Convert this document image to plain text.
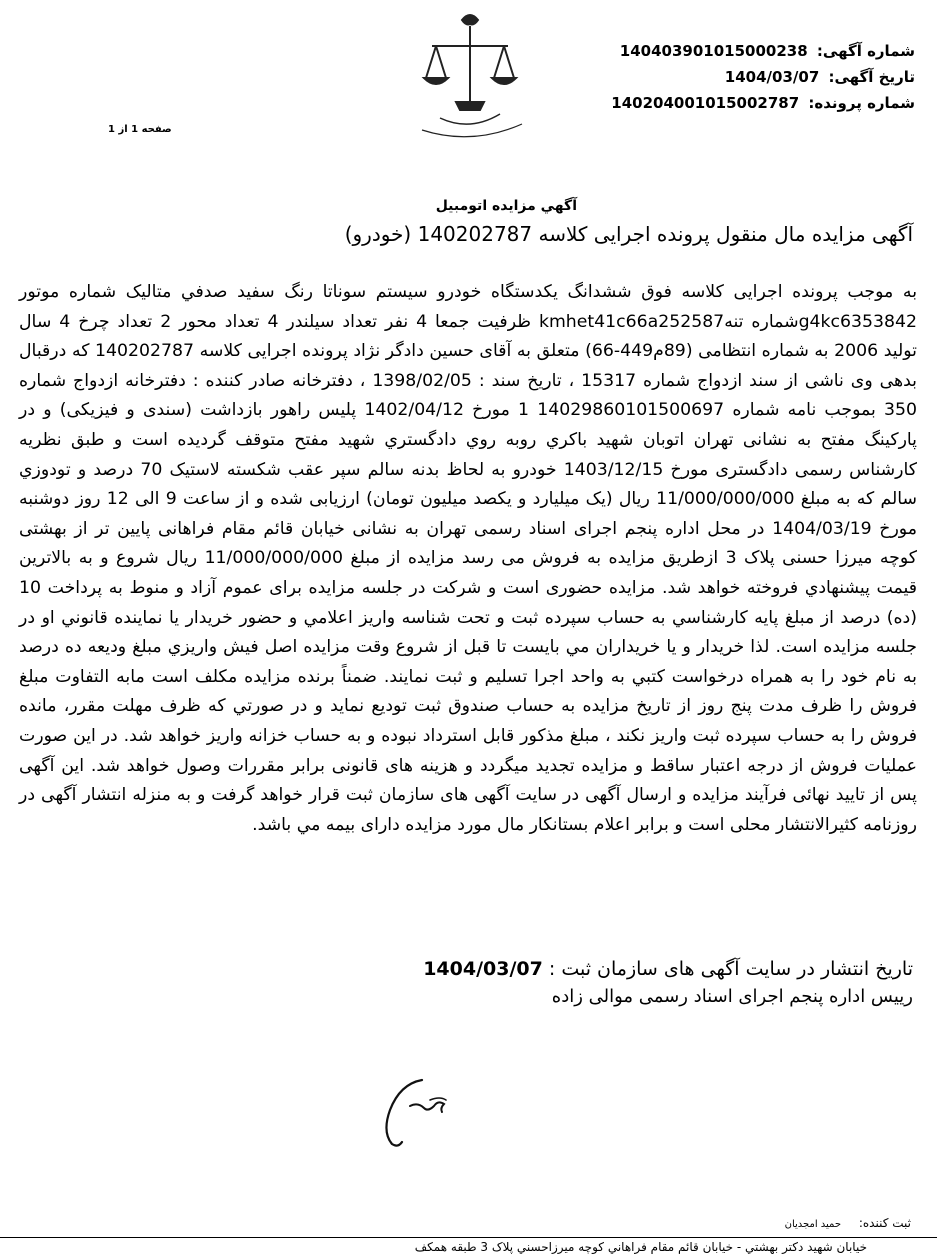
شماره آگهی: 140403901015000238
تاریخ آگهی: 1404/03/07
شماره پرونده: 140204001015002787
صفحه 1 از 1
آگهي مزايده اتومبيل
آگهی مزایده مال منقول پرونده اجرایی کلاسه 140202787 (خودرو)

به موجب پرونده اجرايی کلاسه فوق ششدانگ يکدستگاه خودرو سيستم سوناتا رنگ سفيد صدفي متاليک شماره موتور g4kc6353842شماره تنهkmhet41c66a252587 ظرفيت جمعا 4 نفر تعداد سيلندر 4 تعداد محور 2 تعداد چرخ 4 سال توليد 2006 به شماره انتظامی (89م449-66) متعلق به آقای حسين دادگر نژاد پرونده اجرايی کلاسه 140202787 که درقبال بدهی وی ناشی از سند ازدواج شماره 15317 ، تاريخ سند : 1398/02/05 ، دفترخانه صادر کننده : دفترخانه ازدواج شماره 350 بموجب نامه شماره 14029860101500697 1 مورخ 1402/04/12 پليس راهور بازداشت (سندی و فيزيکی) و در پارکينگ مفتح به نشانی تهران اتوبان شهيد باکري روبه روي دادگستري شهيد مفتح متوقف گرديده است و طبق نظريه کارشناس رسمی دادگستری مورخ 1403/12/15 خودرو به لحاظ بدنه سالم سپر عقب شکسته لاستيک 70 درصد و تودوزي سالم که به مبلغ 11/000/000/000 ريال (يک ميليارد و يکصد ميليون تومان) ارزيابی شده و از ساعت 9 الی 12 روز دوشنبه مورخ 1404/03/19 در محل اداره پنجم اجرای اسناد رسمی تهران به نشانی خيابان قائم مقام فراهانی پايين تر از بهشتی کوچه ميرزا حسنی پلاک 3 ازطريق مزايده به فروش می رسد مزايده از مبلغ 11/000/000/000 ريال شروع و به بالاترين قيمت پيشنهادي فروخته خواهد شد. مزايده حضوری است و شرکت در جلسه مزايده برای عموم آزاد و منوط به پرداخت 10 (ده) درصد از مبلغ پايه کارشناسي به حساب سپرده ثبت و تحت شناسه واريز اعلامي و حضور خريدار يا نماينده قانوني او در جلسه مزايده است. لذا خريدار و يا خريداران مي بايست تا قبل از شروع وقت مزايده اصل فيش واريزي مبلغ وديعه ده درصد به نام خود را به همراه درخواست کتبي به واحد اجرا تسليم و ثبت نمايند. ضمناً برنده مزايده مکلف است مابه التفاوت مبلغ فروش را ظرف مدت پنج روز از تاريخ مزايده به حساب صندوق ثبت توديع نمايد و در صورتي که ظرف مهلت مقرر، مانده فروش را به حساب سپرده ثبت واريز نکند ، مبلغ مذکور قابل استرداد نبوده و به حساب خزانه واريز خواهد شد. در اين صورت عمليات فروش از درجه اعتبار ساقط و مزايده تجديد ميگردد و هزينه های قانونی برابر مقررات وصول خواهد شد. اين آگهی پس از تاييد نهائی فرآيند مزايده و ارسال آگهی در سايت آگهی های سازمان ثبت قرار خواهد گرفت و به منزله انتشار آگهی در روزنامه کثيرالانتشار محلی است و برابر اعلام بستانکار مال مورد مزايده دارای بيمه مي باشد.

تاريخ انتشار در سايت آگهی های سازمان ثبت : 1404/03/07
رييس اداره پنجم اجرای اسناد رسمی موالی زاده
ثبت کننده: حميد امجديان
خيابان شهيد دکتر بهشتي - خيابان قائم مقام فراهاني کوچه ميرزاحسني پلاک 3 طبقه همکف
